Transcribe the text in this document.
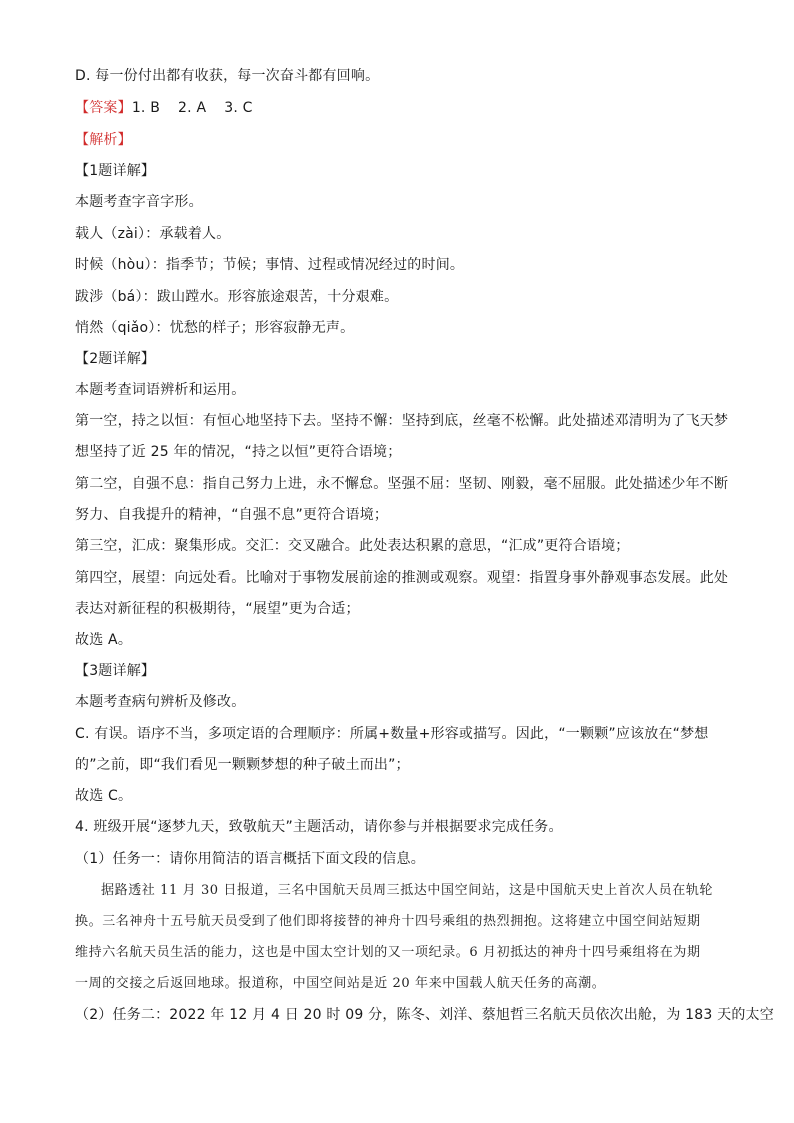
D. 每一份付出都有收获，每一次奋斗都有回响。
【答案】1. B 2. A 3. C
【解析】
【1题详解】
本题考查字音字形。
载人（zài）：承载着人。
时候（hòu）：指季节；节候；事情、过程或情况经过的时间。
跋涉（bá）：跋山蹚水。形容旅途艰苦，十分艰难。
悄然（qiǎo）：忧愁的样子；形容寂静无声。
【2题详解】
本题考查词语辨析和运用。
第一空，持之以恒：有恒心地坚持下去。坚持不懈：坚持到底，丝毫不松懈。此处描述邓清明为了飞天梦
想坚持了近 25 年的情况，“持之以恒”更符合语境；
第二空，自强不息：指自己努力上进，永不懈怠。坚强不屈：坚韧、刚毅，毫不屈服。此处描述少年不断
努力、自我提升的精神，“自强不息”更符合语境；
第三空，汇成：聚集形成。交汇：交叉融合。此处表达积累的意思，“汇成”更符合语境；
第四空，展望：向远处看。比喻对于事物发展前途的推测或观察。观望：指置身事外静观事态发展。此处
表达对新征程的积极期待，“展望”更为合适；
故选 A。
【3题详解】
本题考查病句辨析及修改。
C. 有误。语序不当，多项定语的合理顺序：所属+数量+形容或描写。因此，“一颗颗”应该放在“梦想
的”之前，即“我们看见一颗颗梦想的种子破土而出”；
故选 C。
4. 班级开展“逐梦九天，致敬航天”主题活动，请你参与并根据要求完成任务。
（1）任务一：请你用简洁的语言概括下面文段的信息。
据路透社 11 月 30 日报道，三名中国航天员周三抵达中国空间站，这是中国航天史上首次人员在轨轮
换。三名神舟十五号航天员受到了他们即将接替的神舟十四号乘组的热烈拥抱。这将建立中国空间站短期
维持六名航天员生活的能力，这也是中国太空计划的又一项纪录。6 月初抵达的神舟十四号乘组将在为期
一周的交接之后返回地球。报道称，中国空间站是近 20 年来中国载人航天任务的高潮。
（2）任务二：2022 年 12 月 4 日 20 时 09 分，陈冬、刘洋、蔡旭哲三名航天员依次出舱，为 183 天的太空
